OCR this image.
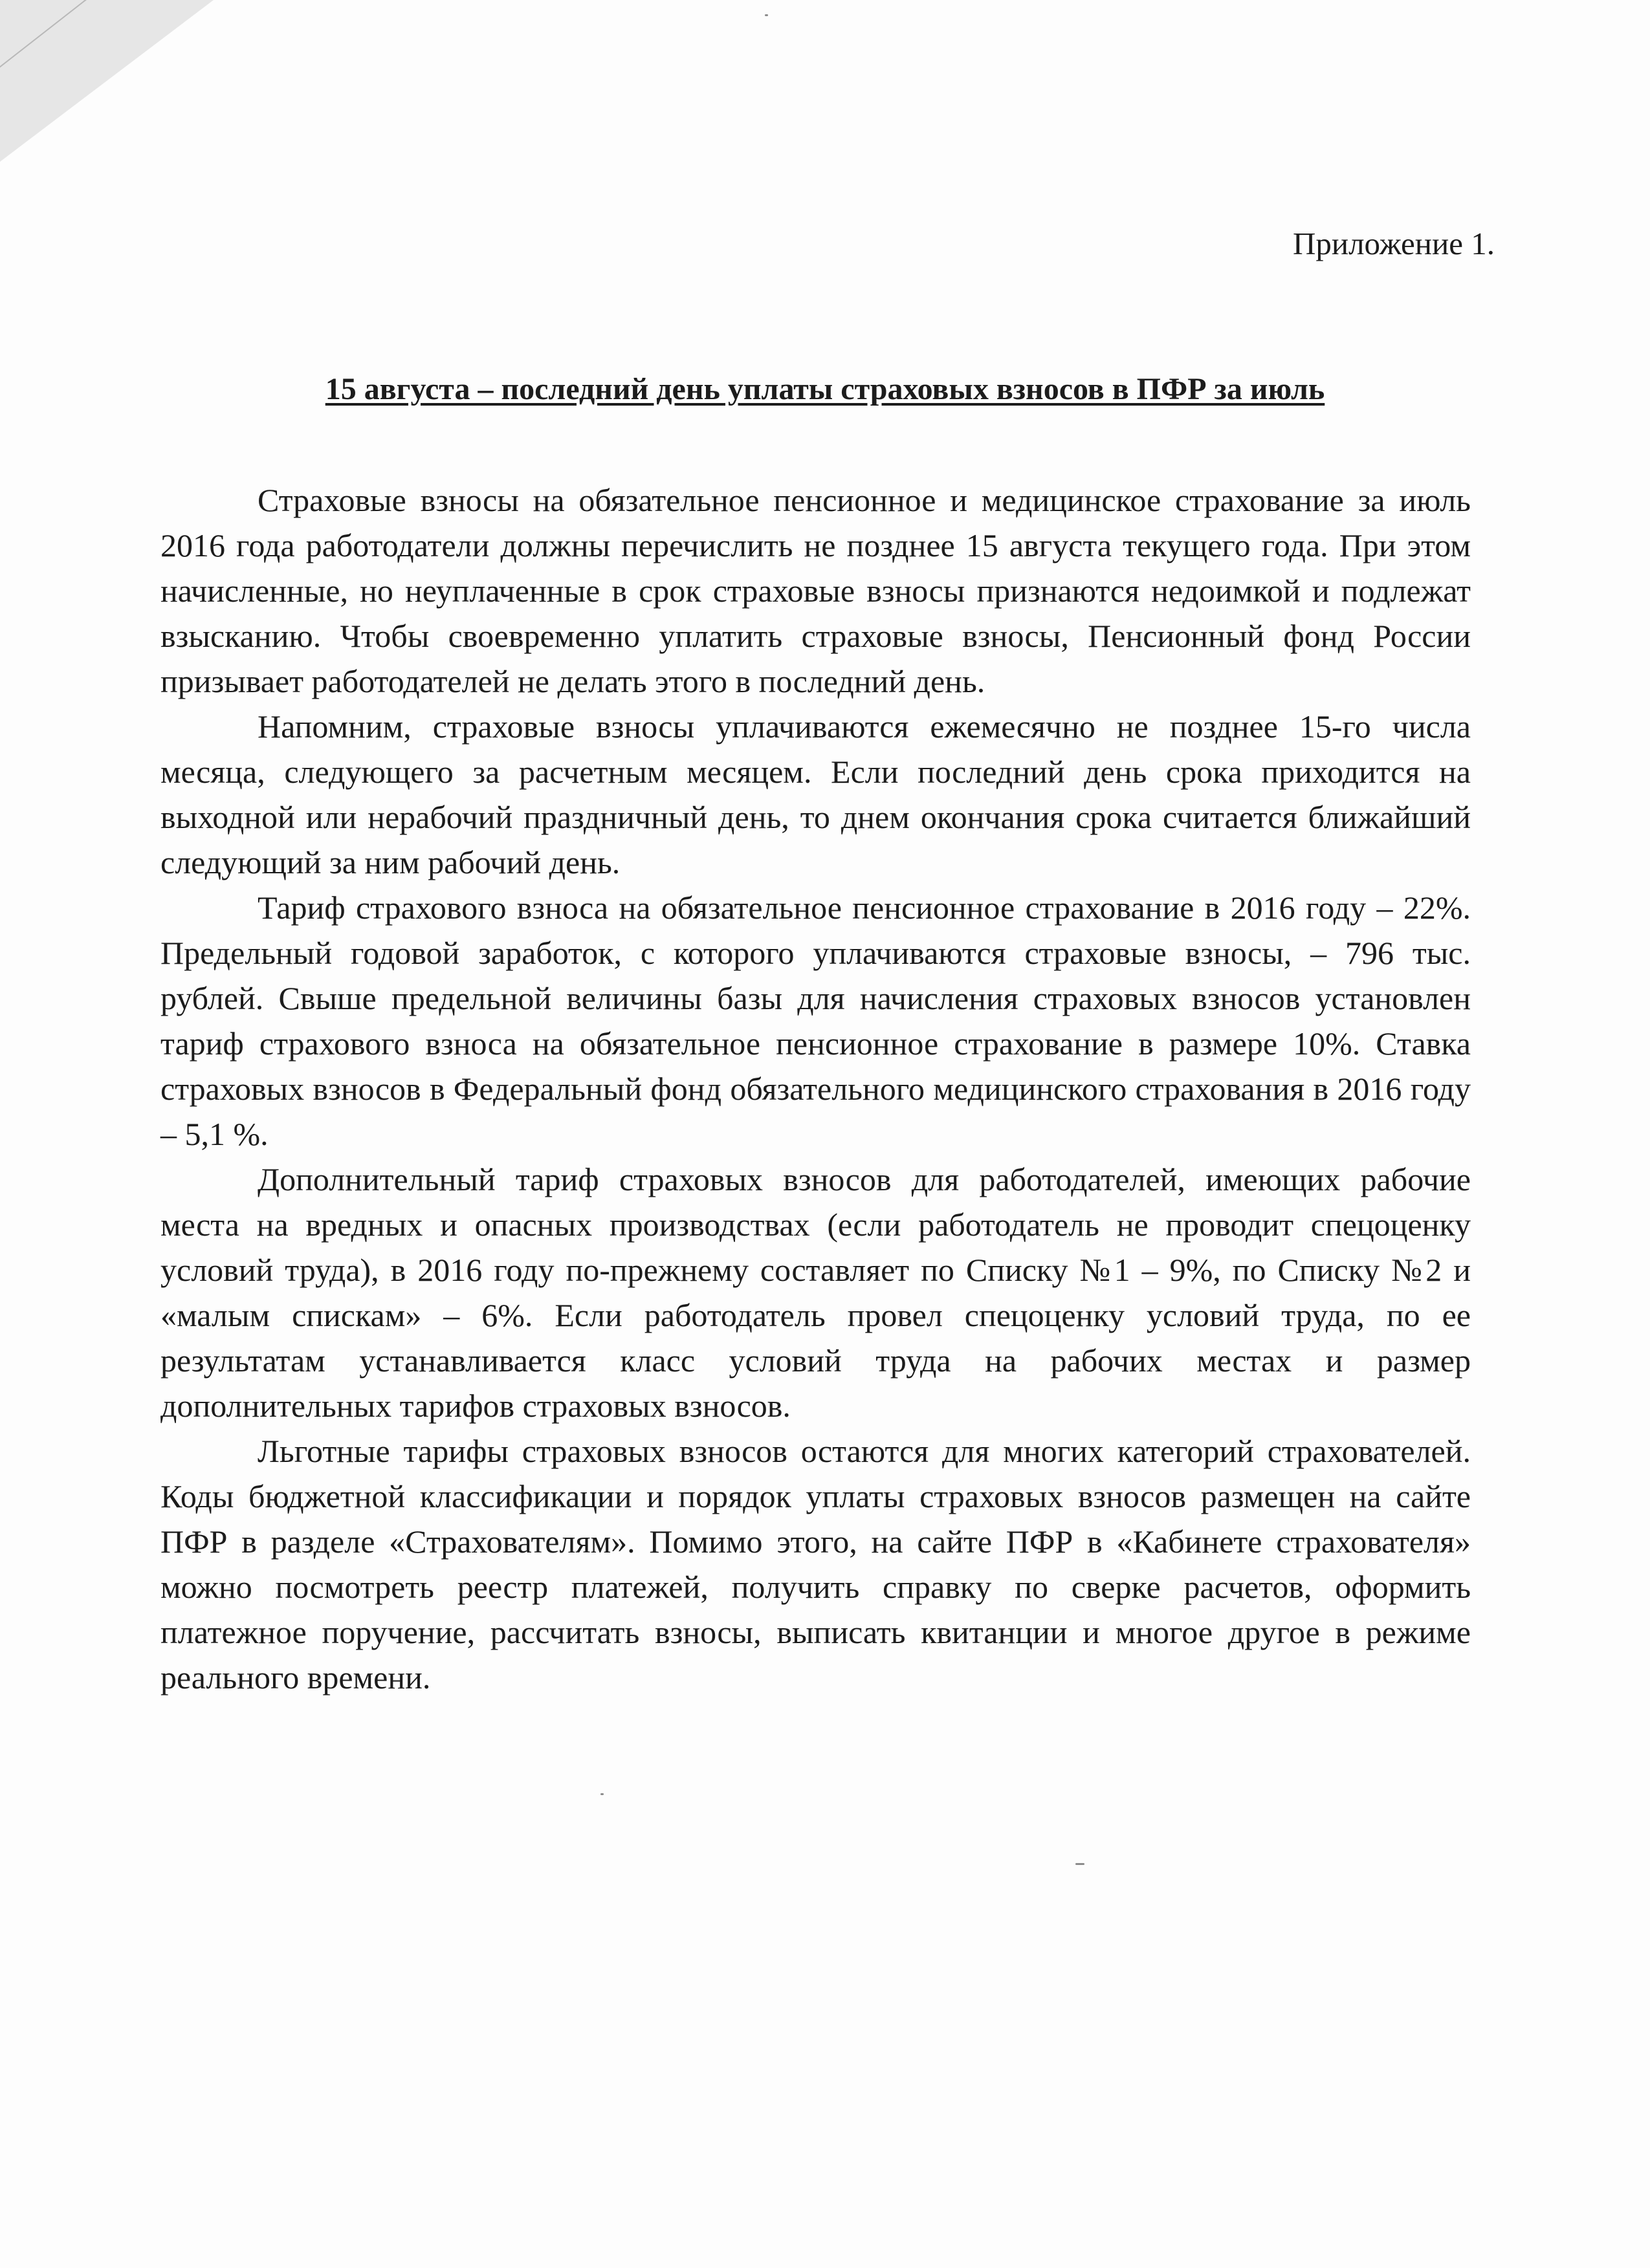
Приложение 1.
15 августа – последний день уплаты страховых взносов в ПФР за июль

Страховые взносы на обязательное пенсионное и медицинское страхование за июль 2016 года работодатели должны перечислить не позднее 15 августа текущего года. При этом начисленные, но неуплаченные в срок страховые взносы признаются недоимкой и подлежат взысканию. Чтобы своевременно уплатить страховые взносы, Пенсионный фонд России призывает работодателей не делать этого в последний день.

Напомним, страховые взносы уплачиваются ежемесячно не позднее 15-го числа месяца, следующего за расчетным месяцем. Если последний день срока приходится на выходной или нерабочий праздничный день, то днем окончания срока считается ближайший следующий за ним рабочий день.

Тариф страхового взноса на обязательное пенсионное страхование в 2016 году – 22%. Предельный годовой заработок, с которого уплачиваются страховые взносы, – 796 тыс. рублей. Свыше предельной величины базы для начисления страховых взносов установлен тариф страхового взноса на обязательное пенсионное страхование в размере 10%. Ставка страховых взносов в Федеральный фонд обязательного медицинского страхования в 2016 году – 5,1 %.

Дополнительный тариф страховых взносов для работодателей, имеющих рабочие места на вредных и опасных производствах (если работодатель не проводит спецоценку условий труда), в 2016 году по-прежнему составляет по Списку №1 – 9%, по Списку №2 и «малым спискам» – 6%. Если работодатель провел спецоценку условий труда, по ее результатам устанавливается класс условий труда на рабочих местах и размер дополнительных тарифов страховых взносов.

Льготные тарифы страховых взносов остаются для многих категорий страхователей. Коды бюджетной классификации и порядок уплаты страховых взносов размещен на сайте ПФР в разделе «Страхователям». Помимо этого, на сайте ПФР в «Кабинете страхователя» можно посмотреть реестр платежей, получить справку по сверке расчетов, оформить платежное поручение, рассчитать взносы, выписать квитанции и многое другое в режиме реального времени.
